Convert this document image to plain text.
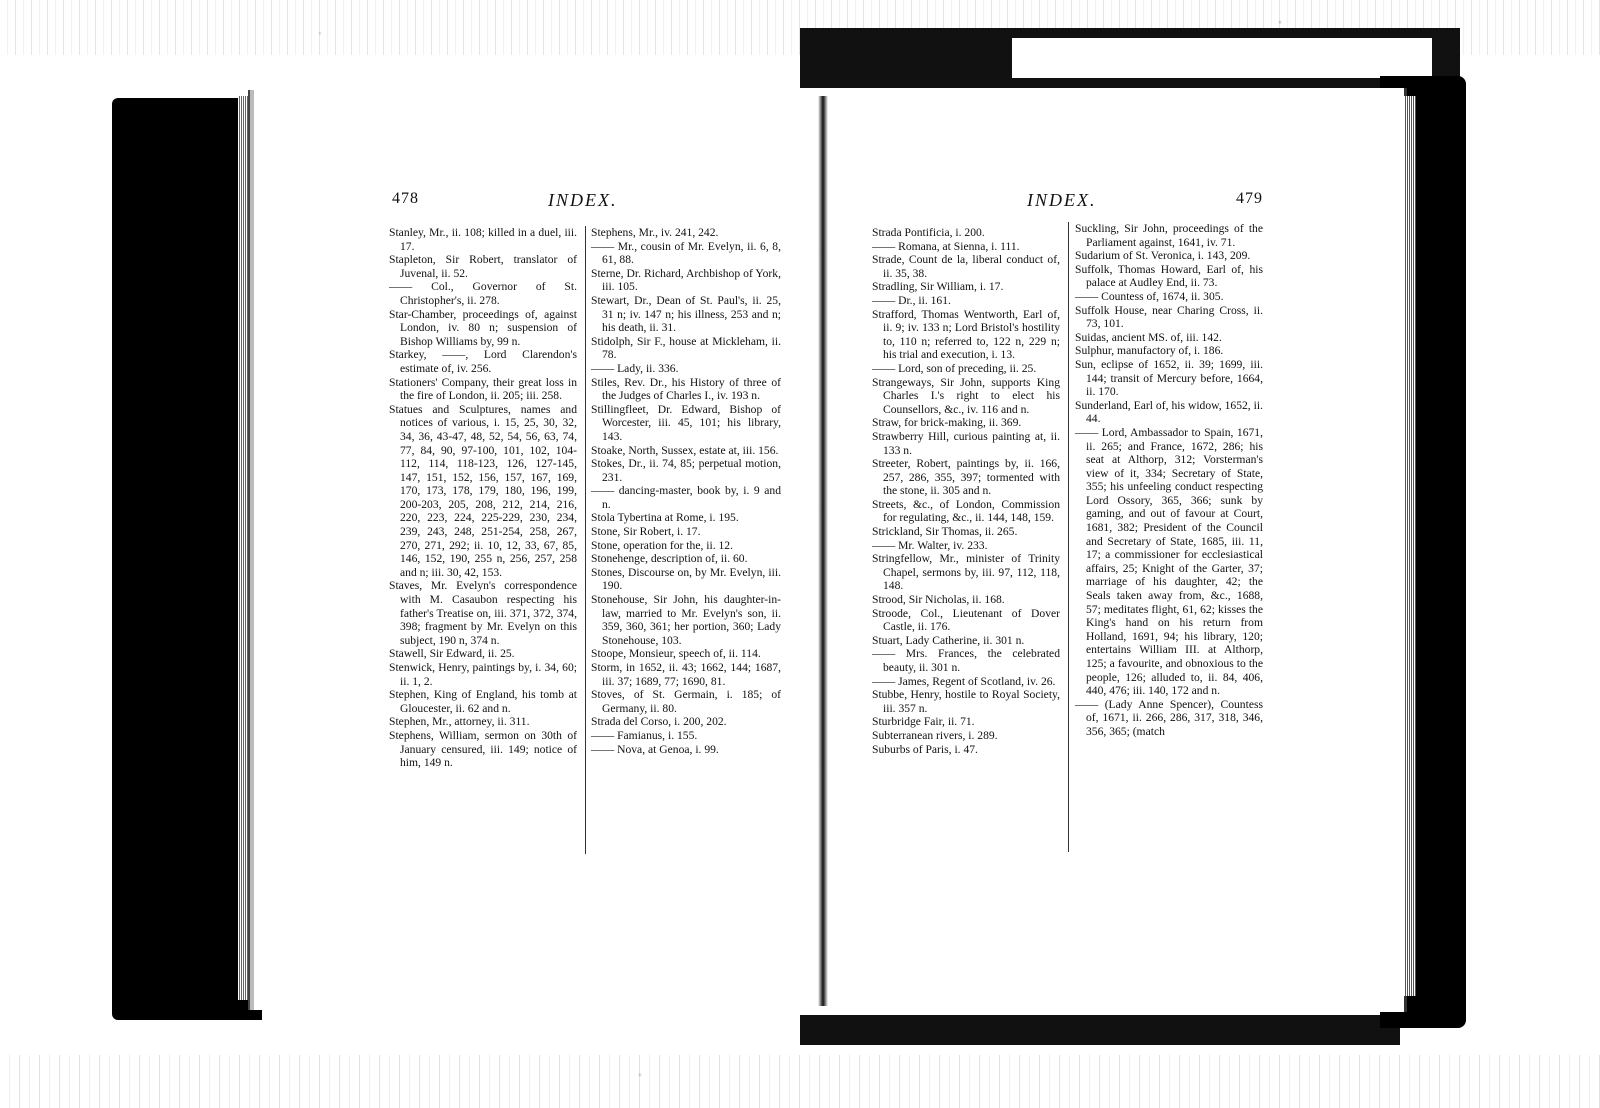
478	INDEX.	INDEX.	479

Stanley, Mr., ii. 108; killed in a duel, iii. 17.

Stapleton, Sir Robert, translator of Juvenal, ii. 52.

—— Col., Governor of St. Christopher's, ii. 278.

Star-Chamber, proceedings of, against London, iv. 80 n; suspension of Bishop Williams by, 99 n.

Starkey, ——, Lord Clarendon's estimate of, iv. 256.

Stationers' Company, their great loss in the fire of London, ii. 205; iii. 258.

Statues and Sculptures, names and notices of various, i. 15, 25, 30, 32, 34, 36, 43-47, 48, 52, 54, 56, 63, 74, 77, 84, 90, 97-100, 101, 102, 104-112, 114, 118-123, 126, 127-145, 147, 151, 152, 156, 157, 167, 169, 170, 173, 178, 179, 180, 196, 199, 200-203, 205, 208, 212, 214, 216, 220, 223, 224, 225-229, 230, 234, 239, 243, 248, 251-254, 258, 267, 270, 271, 292; ii. 10, 12, 33, 67, 85, 146, 152, 190, 255 n, 256, 257, 258 and n; iii. 30, 42, 153.

Staves, Mr. Evelyn's correspondence with M. Casaubon respecting his father's Treatise on, iii. 371, 372, 374, 398; fragment by Mr. Evelyn on this subject, 190 n, 374 n.

Stawell, Sir Edward, ii. 25.

Stenwick, Henry, paintings by, i. 34, 60; ii. 1, 2.

Stephen, King of England, his tomb at Gloucester, ii. 62 and n.

Stephen, Mr., attorney, ii. 311.

Stephens, William, sermon on 30th of January censured, iii. 149; notice of him, 149 n.

Stephens, Mr., iv. 241, 242.

—— Mr., cousin of Mr. Evelyn, ii. 6, 8, 61, 88.

Sterne, Dr. Richard, Archbishop of York, iii. 105.

Stewart, Dr., Dean of St. Paul's, ii. 25, 31 n; iv. 147 n; his illness, 253 and n; his death, ii. 31.

Stidolph, Sir F., house at Mickleham, ii. 78.

—— Lady, ii. 336.

Stiles, Rev. Dr., his History of three of the Judges of Charles I., iv. 193 n.

Stillingfleet, Dr. Edward, Bishop of Worcester, iii. 45, 101; his library, 143.

Stoake, North, Sussex, estate at, iii. 156.

Stokes, Dr., ii. 74, 85; perpetual motion, 231.

—— dancing-master, book by, i. 9 and n.

Stola Tybertina at Rome, i. 195.

Stone, Sir Robert, i. 17.

Stone, operation for the, ii. 12.

Stonehenge, description of, ii. 60.

Stones, Discourse on, by Mr. Evelyn, iii. 190.

Stonehouse, Sir John, his daughter-in-law, married to Mr. Evelyn's son, ii. 359, 360, 361; her portion, 360; Lady Stonehouse, 103.

Stoope, Monsieur, speech of, ii. 114.

Storm, in 1652, ii. 43; 1662, 144; 1687, iii. 37; 1689, 77; 1690, 81.

Stoves, of St. Germain, i. 185; of Germany, ii. 80.

Strada del Corso, i. 200, 202.

—— Famianus, i. 155.

—— Nova, at Genoa, i. 99.

Strada Pontificia, i. 200.

—— Romana, at Sienna, i. 111.

Strade, Count de la, liberal conduct of, ii. 35, 38.

Stradling, Sir William, i. 17.

—— Dr., ii. 161.

Strafford, Thomas Wentworth, Earl of, ii. 9; iv. 133 n; Lord Bristol's hostility to, 110 n; referred to, 122 n, 229 n; his trial and execution, i. 13.

—— Lord, son of preceding, ii. 25.

Strangeways, Sir John, supports King Charles I.'s right to elect his Counsellors, &c., iv. 116 and n.

Straw, for brick-making, ii. 369.

Strawberry Hill, curious painting at, ii. 133 n.

Streeter, Robert, paintings by, ii. 166, 257, 286, 355, 397; tormented with the stone, ii. 305 and n.

Streets, &c., of London, Commission for regulating, &c., ii. 144, 148, 159.

Strickland, Sir Thomas, ii. 265.

—— Mr. Walter, iv. 233.

Stringfellow, Mr., minister of Trinity Chapel, sermons by, iii. 97, 112, 118, 148.

Strood, Sir Nicholas, ii. 168.

Stroode, Col., Lieutenant of Dover Castle, ii. 176.

Stuart, Lady Catherine, ii. 301 n.

—— Mrs. Frances, the celebrated beauty, ii. 301 n.

—— James, Regent of Scotland, iv. 26.

Stubbe, Henry, hostile to Royal Society, iii. 357 n.

Sturbridge Fair, ii. 71.

Subterranean rivers, i. 289.

Suburbs of Paris, i. 47.

Suckling, Sir John, proceedings of the Parliament against, 1641, iv. 71.

Sudarium of St. Veronica, i. 143, 209.

Suffolk, Thomas Howard, Earl of, his palace at Audley End, ii. 73.

—— Countess of, 1674, ii. 305.

Suffolk House, near Charing Cross, ii. 73, 101.

Suidas, ancient MS. of, iii. 142.

Sulphur, manufactory of, i. 186.

Sun, eclipse of 1652, ii. 39; 1699, iii. 144; transit of Mercury before, 1664, ii. 170.

Sunderland, Earl of, his widow, 1652, ii. 44.

—— Lord, Ambassador to Spain, 1671, ii. 265; and France, 1672, 286; his seat at Althorp, 312; Vorsterman's view of it, 334; Secretary of State, 355; his unfeeling conduct respecting Lord Ossory, 365, 366; sunk by gaming, and out of favour at Court, 1681, 382; President of the Council and Secretary of State, 1685, iii. 11, 17; a commissioner for ecclesiastical affairs, 25; Knight of the Garter, 37; marriage of his daughter, 42; the Seals taken away from, &c., 1688, 57; meditates flight, 61, 62; kisses the King's hand on his return from Holland, 1691, 94; his library, 120; entertains William III. at Althorp, 125; a favourite, and obnoxious to the people, 126; alluded to, ii. 84, 406, 440, 476; iii. 140, 172 and n.

—— (Lady Anne Spencer), Countess of, 1671, ii. 266, 286, 317, 318, 346, 356, 365; (match
